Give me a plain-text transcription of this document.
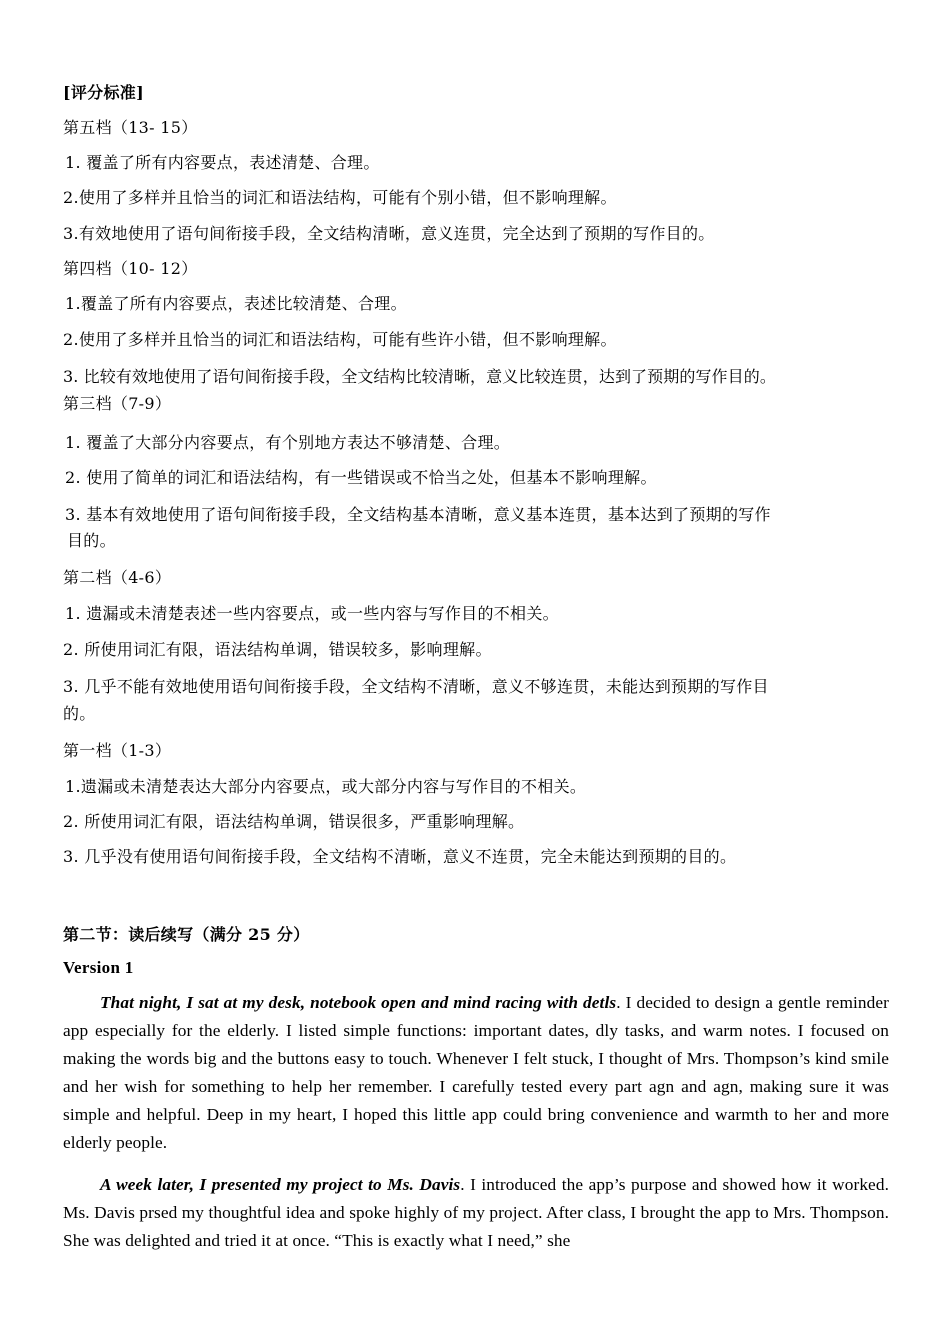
[评分标准]
第五档（13- 15）
1. 覆盖了所有内容要点，表述清楚、合理。
2.使用了多样并且恰当的词汇和语法结构，可能有个别小错，但不影响理解。
3.有效地使用了语句间衔接手段，全文结构清晰，意义连贯，完全达到了预期的写作目的。
第四档（10- 12）
1.覆盖了所有内容要点，表述比较清楚、合理。
2.使用了多样并且恰当的词汇和语法结构，可能有些许小错，但不影响理解。
3. 比较有效地使用了语句间衔接手段，全文结构比较清晰，意义比较连贯，达到了预期的写作目的。
第三档（7-9）
1. 覆盖了大部分内容要点，有个别地方表达不够清楚、合理。
2. 使用了简单的词汇和语法结构，有一些错误或不恰当之处，但基本不影响理解。
3. 基本有效地使用了语句间衔接手段，全文结构基本清晰，意义基本连贯，基本达到了预期的写作
目的。
第二档（4-6）
1. 遗漏或未清楚表述一些内容要点，或一些内容与写作目的不相关。
2. 所使用词汇有限，语法结构单调，错误较多，影响理解。
3. 几乎不能有效地使用语句间衔接手段，全文结构不清晰，意义不够连贯，未能达到预期的写作目
的。
第一档（1-3）
1.遗漏或未清楚表达大部分内容要点，或大部分内容与写作目的不相关。
2. 所使用词汇有限，语法结构单调，错误很多，严重影响理解。
3. 几乎没有使用语句间衔接手段，全文结构不清晰，意义不连贯，完全未能达到预期的目的。
第二节：读后续写（满分 25 分）
Version 1
That night, I sat at my desk, notebook open and mind racing with detls. I decided to design a gentle reminder app especially for the elderly. I listed simple functions: important dates, dly tasks, and warm notes. I focused on making the words big and the buttons easy to touch. Whenever I felt stuck, I thought of Mrs. Thompson’s kind smile and her wish for something to help her remember. I carefully tested every part agn and agn, making sure it was simple and helpful. Deep in my heart, I hoped this little app could bring convenience and warmth to her and more elderly people.
A week later, I presented my project to Ms. Davis. I introduced the app’s purpose and showed how it worked. Ms. Davis prsed my thoughtful idea and spoke highly of my project. After class, I brought the app to Mrs. Thompson. She was delighted and tried it at once. “This is exactly what I need,” she
